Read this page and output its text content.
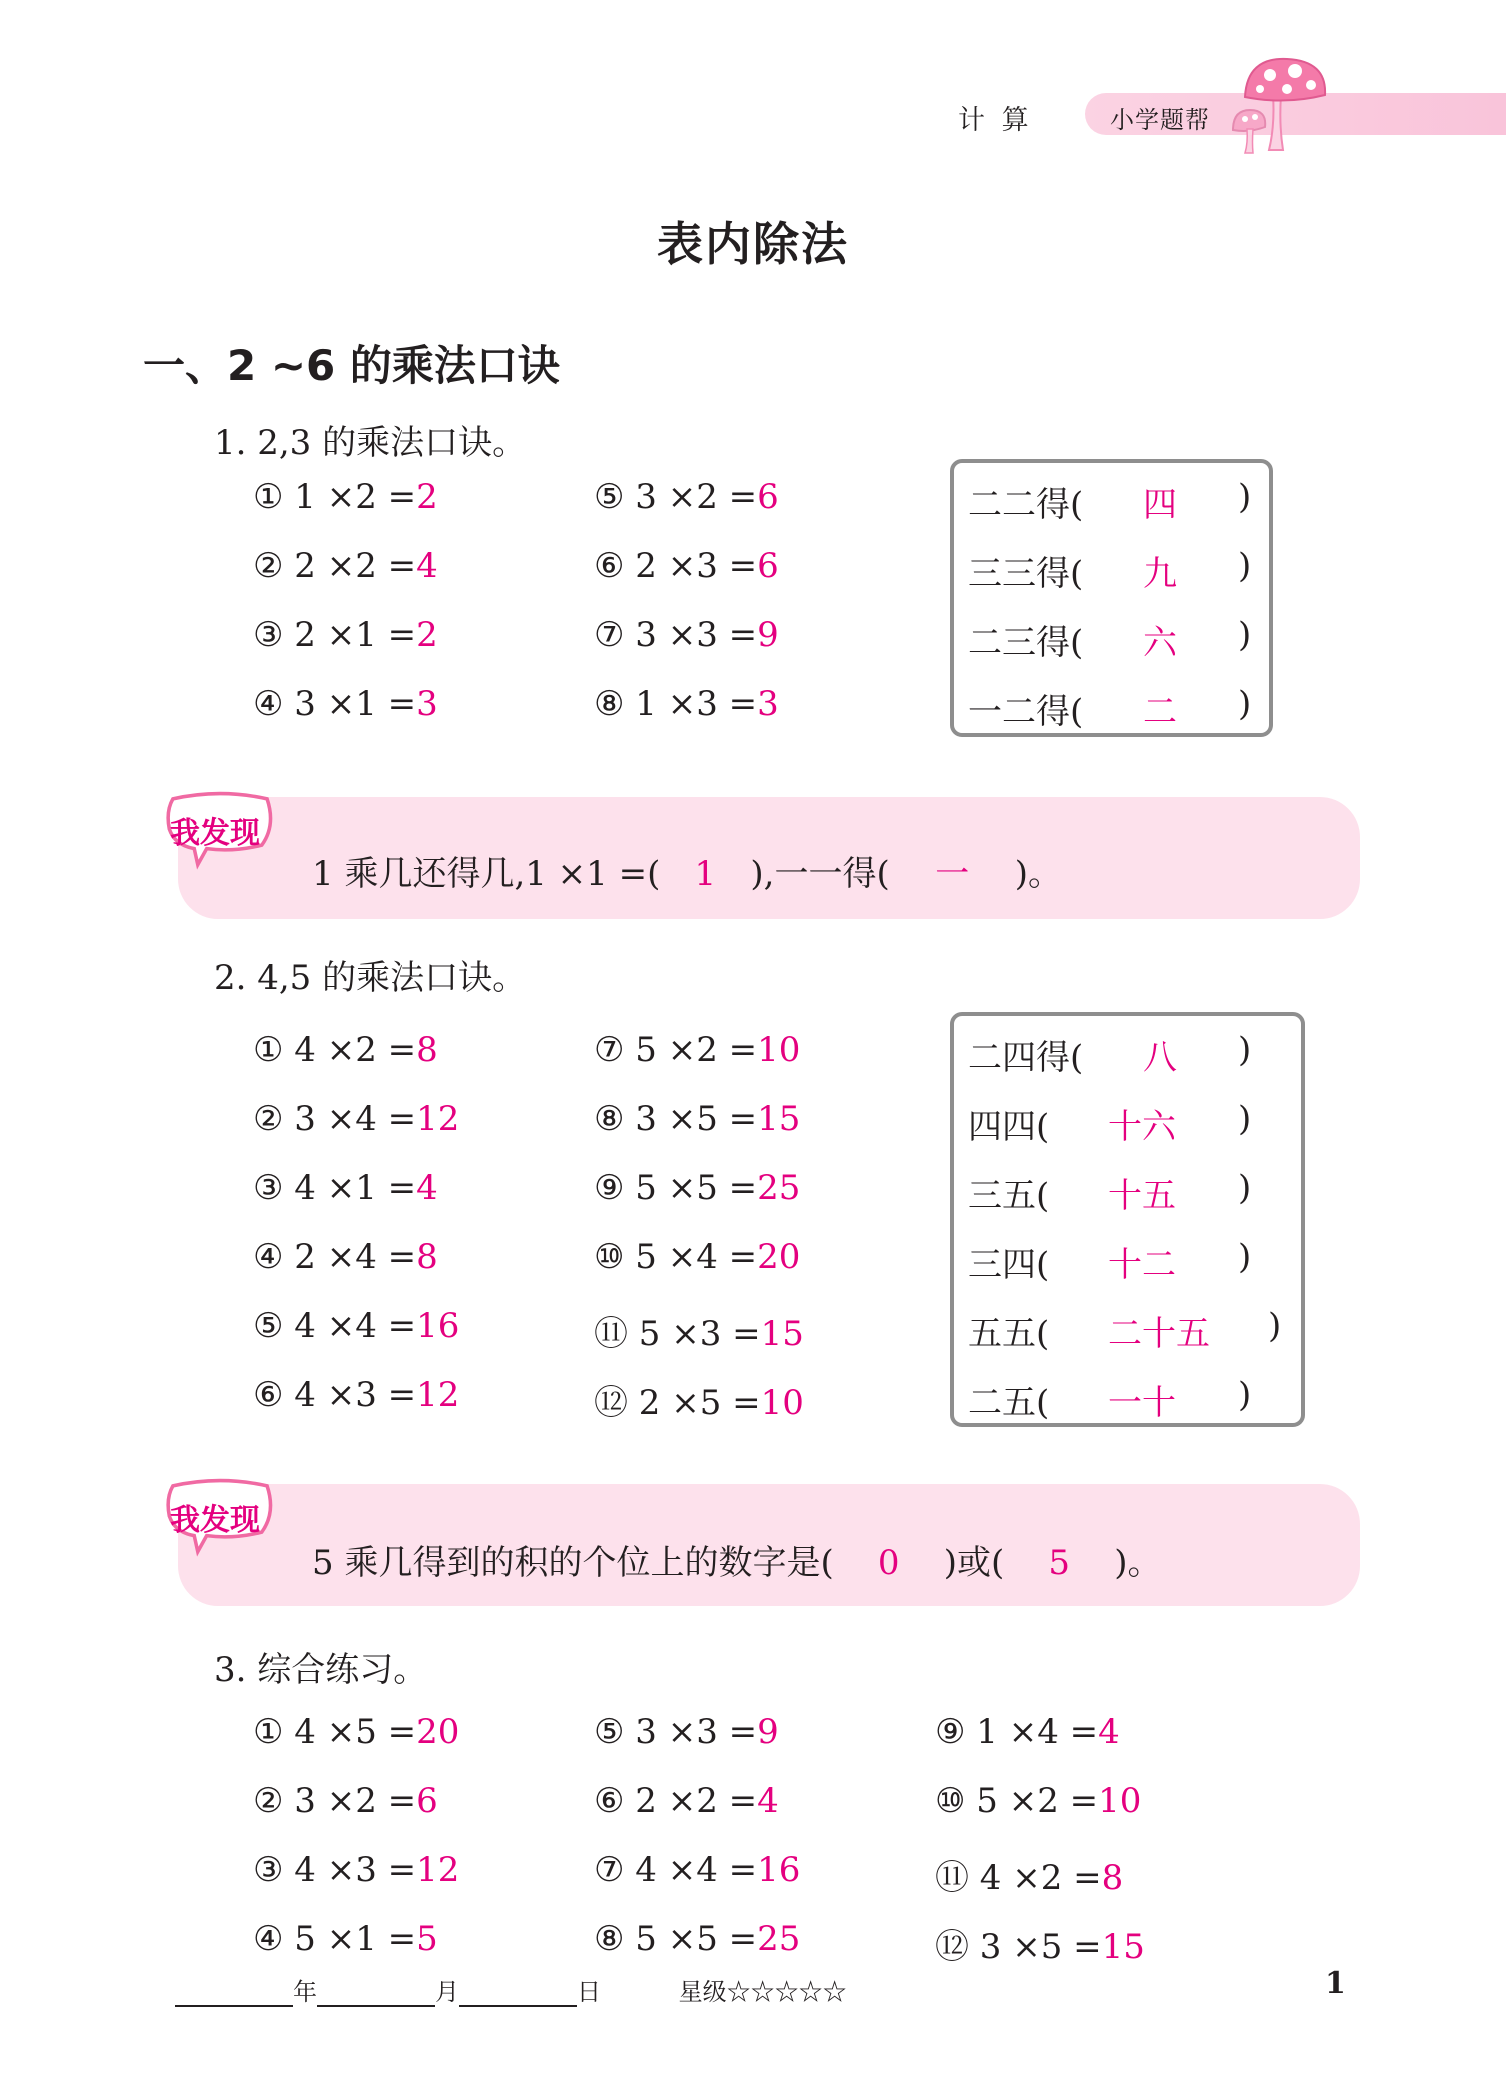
计 算	小学题帮
表内除法
一、2 ~6 的乘法口诀
1. 2,3 的乘法口诀。
① 1 ×2 =2
② 2 ×2 =4
③ 2 ×1 =2
④ 3 ×1 =3
⑤ 3 ×2 =6
⑥ 2 ×3 =6
⑦ 3 ×3 =9
⑧ 1 ×3 =3
二二得( 四 )
三三得( 九 )
二三得( 六 )
一二得( 二 )
我发现
1 乘几还得几,1 ×1 =( 1 ),一一得( 一 )。
2. 4,5 的乘法口诀。
① 4 ×2 =8
② 3 ×4 =12
③ 4 ×1 =4
④ 2 ×4 =8
⑤ 4 ×4 =16
⑥ 4 ×3 =12
⑦ 5 ×2 =10
⑧ 3 ×5 =15
⑨ 5 ×5 =25
⑩ 5 ×4 =20
⑪ 5 ×3 =15
⑫ 2 ×5 =10
二四得( 八 )
四四( 十六 )
三五( 十五 )
三四( 十二 )
五五( 二十五 )
二五( 一十 )
我发现
5 乘几得到的积的个位上的数字是( 0 )或( 5 )。
3. 综合练习。
① 4 ×5 =20
② 3 ×2 =6
③ 4 ×3 =12
④ 5 ×1 =5
⑤ 3 ×3 =9
⑥ 2 ×2 =4
⑦ 4 ×4 =16
⑧ 5 ×5 =25
⑨ 1 ×4 =4
⑩ 5 ×2 =10
⑪ 4 ×2 =8
⑫ 3 ×5 =15
年	月	日	星级☆☆☆☆☆	1
